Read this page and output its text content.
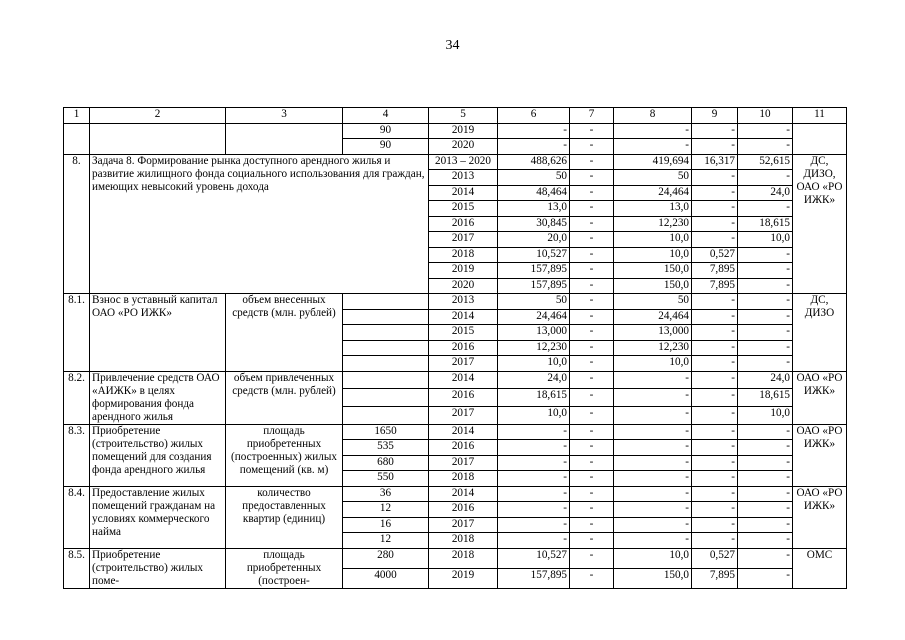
34
1	2	3	4	5	6	7	8	9	10	11
			90	2019	-	-	-	-	-	
			90	2020	-	-	-	-	-	
8.	Задача 8. Формирование рынка доступного арендного жилья и развитие жилищного фонда социального использования для граждан, имеющих невысокий уровень дохода			2013 – 2020	488,626	-	419,694	16,317	52,615	ДС, ДИЗО, ОАО «РО ИЖК»
				2013	50	-	50	-	-	
				2014	48,464	-	24,464	-	24,0	
				2015	13,0	-	13,0	-	-	
				2016	30,845	-	12,230	-	18,615	
				2017	20,0	-	10,0	-	10,0	
				2018	10,527	-	10,0	0,527	-	
				2019	157,895	-	150,0	7,895	-	
				2020	157,895	-	150,0	7,895	-	
8.1.	Взнос в уставный капитал ОАО «РО ИЖК»	объем внесенных средств (млн. рублей)		2013	50	-	50	-	-	ДС, ДИЗО
				2014	24,464	-	24,464	-	-	
				2015	13,000	-	13,000	-	-	
				2016	12,230	-	12,230	-	-	
				2017	10,0	-	10,0	-	-	
8.2.	Привлечение средств ОАО «АИЖК» в целях формирования фонда арендного жилья	объем привлеченных средств (млн. рублей)		2014	24,0	-	-	-	24,0	ОАО «РО ИЖК»
				2016	18,615	-	-	-	18,615	
				2017	10,0	-	-	-	10,0	
8.3.	Приобретение (строительство) жилых помещений для создания фонда арендного жилья	площадь приобретенных (построенных) жилых помещений (кв. м)	1650	2014	-	-	-	-	-	ОАО «РО ИЖК»
			535	2016	-	-	-	-	-	
			680	2017	-	-	-	-	-	
			550	2018	-	-	-	-	-	
8.4.	Предоставление жилых помещений гражданам на условиях коммерческого найма	количество предоставленных квартир (единиц)	36	2014	-	-	-	-	-	ОАО «РО ИЖК»
			12	2016	-	-	-	-	-	
			16	2017	-	-	-	-	-	
			12	2018	-	-	-	-	-	
8.5.	Приобретение (строительство) жилых поме-	площадь приобретенных (построен-	280	2018	10,527	-	10,0	0,527	-	ОМС
			4000	2019	157,895	-	150,0	7,895	-	
